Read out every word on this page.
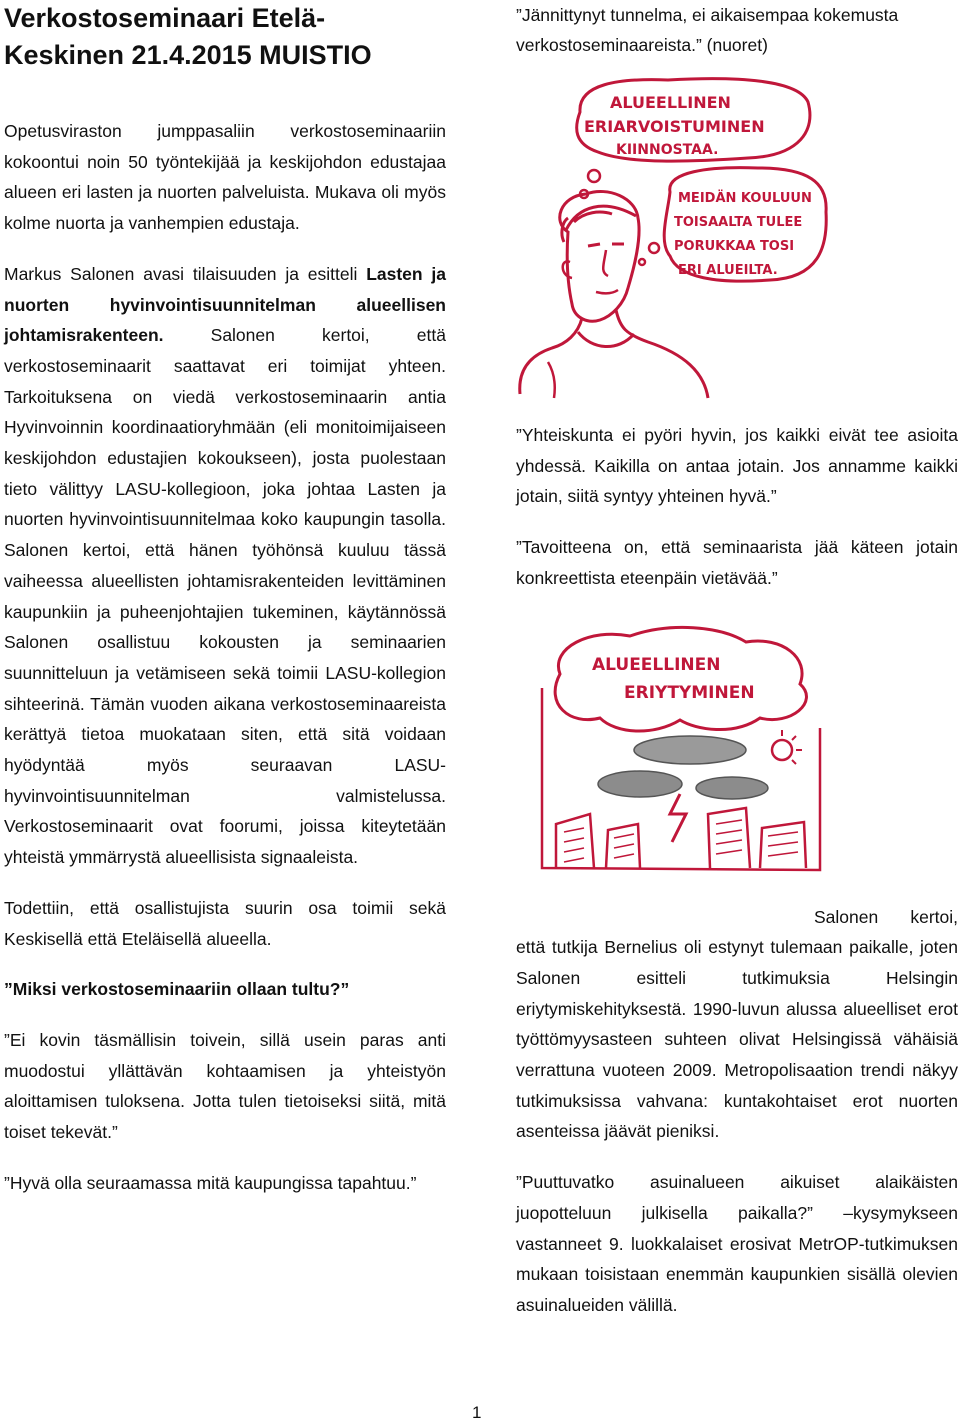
Verkostoseminaari Etelä-Keskinen 21.4.2015 MUISTIO

Opetusviraston jumppasaliin verkostoseminaariin kokoontui noin 50 työntekijää ja keskijohdon edustajaa alueen eri lasten ja nuorten palveluista. Mukava oli myös kolme nuorta ja vanhempien edustaja.

Markus Salonen avasi tilaisuuden ja esitteli Lasten ja nuorten hyvinvointisuunnitelman alueellisen johtamisrakenteen. Salonen kertoi, että verkostoseminaarit saattavat eri toimijat yhteen. Tarkoituksena on viedä verkostoseminaarin antia Hyvinvoinnin koordinaatioryhmään (eli monitoimijaiseen keskijohdon edustajien kokoukseen), josta puolestaan tieto välittyy LASU-kollegioon, joka johtaa Lasten ja nuorten hyvinvointisuunnitelmaa koko kaupungin tasolla. Salonen kertoi, että hänen työhönsä kuuluu tässä vaiheessa alueellisten johtamisrakenteiden levittäminen kaupunkiin ja puheenjohtajien tukeminen, käytännössä Salonen osallistuu kokousten ja seminaarien suunnitteluun ja vetämiseen sekä toimii LASU-kollegion sihteerinä. Tämän vuoden aikana verkostoseminaareista kerättyä tietoa muokataan siten, että sitä voidaan hyödyntää myös seuraavan LASU-hyvinvointisuunnitelman valmistelussa. Verkostoseminaarit ovat foorumi, joissa kiteytetään yhteistä ymmärrystä alueellisista signaaleista.

Todettiin, että osallistujista suurin osa toimii sekä Keskisellä että Eteläisellä alueella.

”Miksi verkostoseminaariin ollaan tultu?”

”Ei kovin täsmällisin toivein, sillä usein paras anti muodostui yllättävän kohtaamisen ja yhteistyön aloittamisen tuloksena. Jotta tulen tietoiseksi siitä, mitä toiset tekevät.”

”Hyvä olla seuraamassa mitä kaupungissa tapahtuu.”

”Jännittynyt tunnelma, ei aikaisempaa kokemusta verkostoseminaareista.” (nuoret)

ALUEELLINEN
ERIARVOISTUMINEN
KIINNOSTAA.
MEIDÄN KOULUUN
TOISAALTA TULEE
PORUKKAA TOSI
ERI ALUEILTA.

”Yhteiskunta ei pyöri hyvin, jos kaikki eivät tee asioita yhdessä. Kaikilla on antaa jotain. Jos annamme kaikki jotain, siitä syntyy yhteinen hyvä.”

”Tavoitteena on, että seminaarista jää käteen jotain konkreettista eteenpäin vietävää.”

ALUEELLINEN
ERIYTYMINEN

Salonen kertoi, että tutkija Bernelius oli estynyt tulemaan paikalle, joten Salonen esitteli tutkimuksia Helsingin eriytymiskehityksestä. 1990-luvun alussa alueelliset erot työttömyysasteen suhteen olivat Helsingissä vähäisiä verrattuna vuoteen 2009. Metropolisaation trendi näkyy tutkimuksissa vahvana: kuntakohtaiset erot nuorten asenteissa jäävät pieniksi.

”Puuttuvatko asuinalueen aikuiset alaikäisten juopotteluun julkisella paikalla?” –kysymykseen vastanneet 9. luokkalaiset erosivat MetrOP-tutkimuksen mukaan toisistaan enemmän kaupunkien sisällä olevien asuinalueiden välillä.

1
